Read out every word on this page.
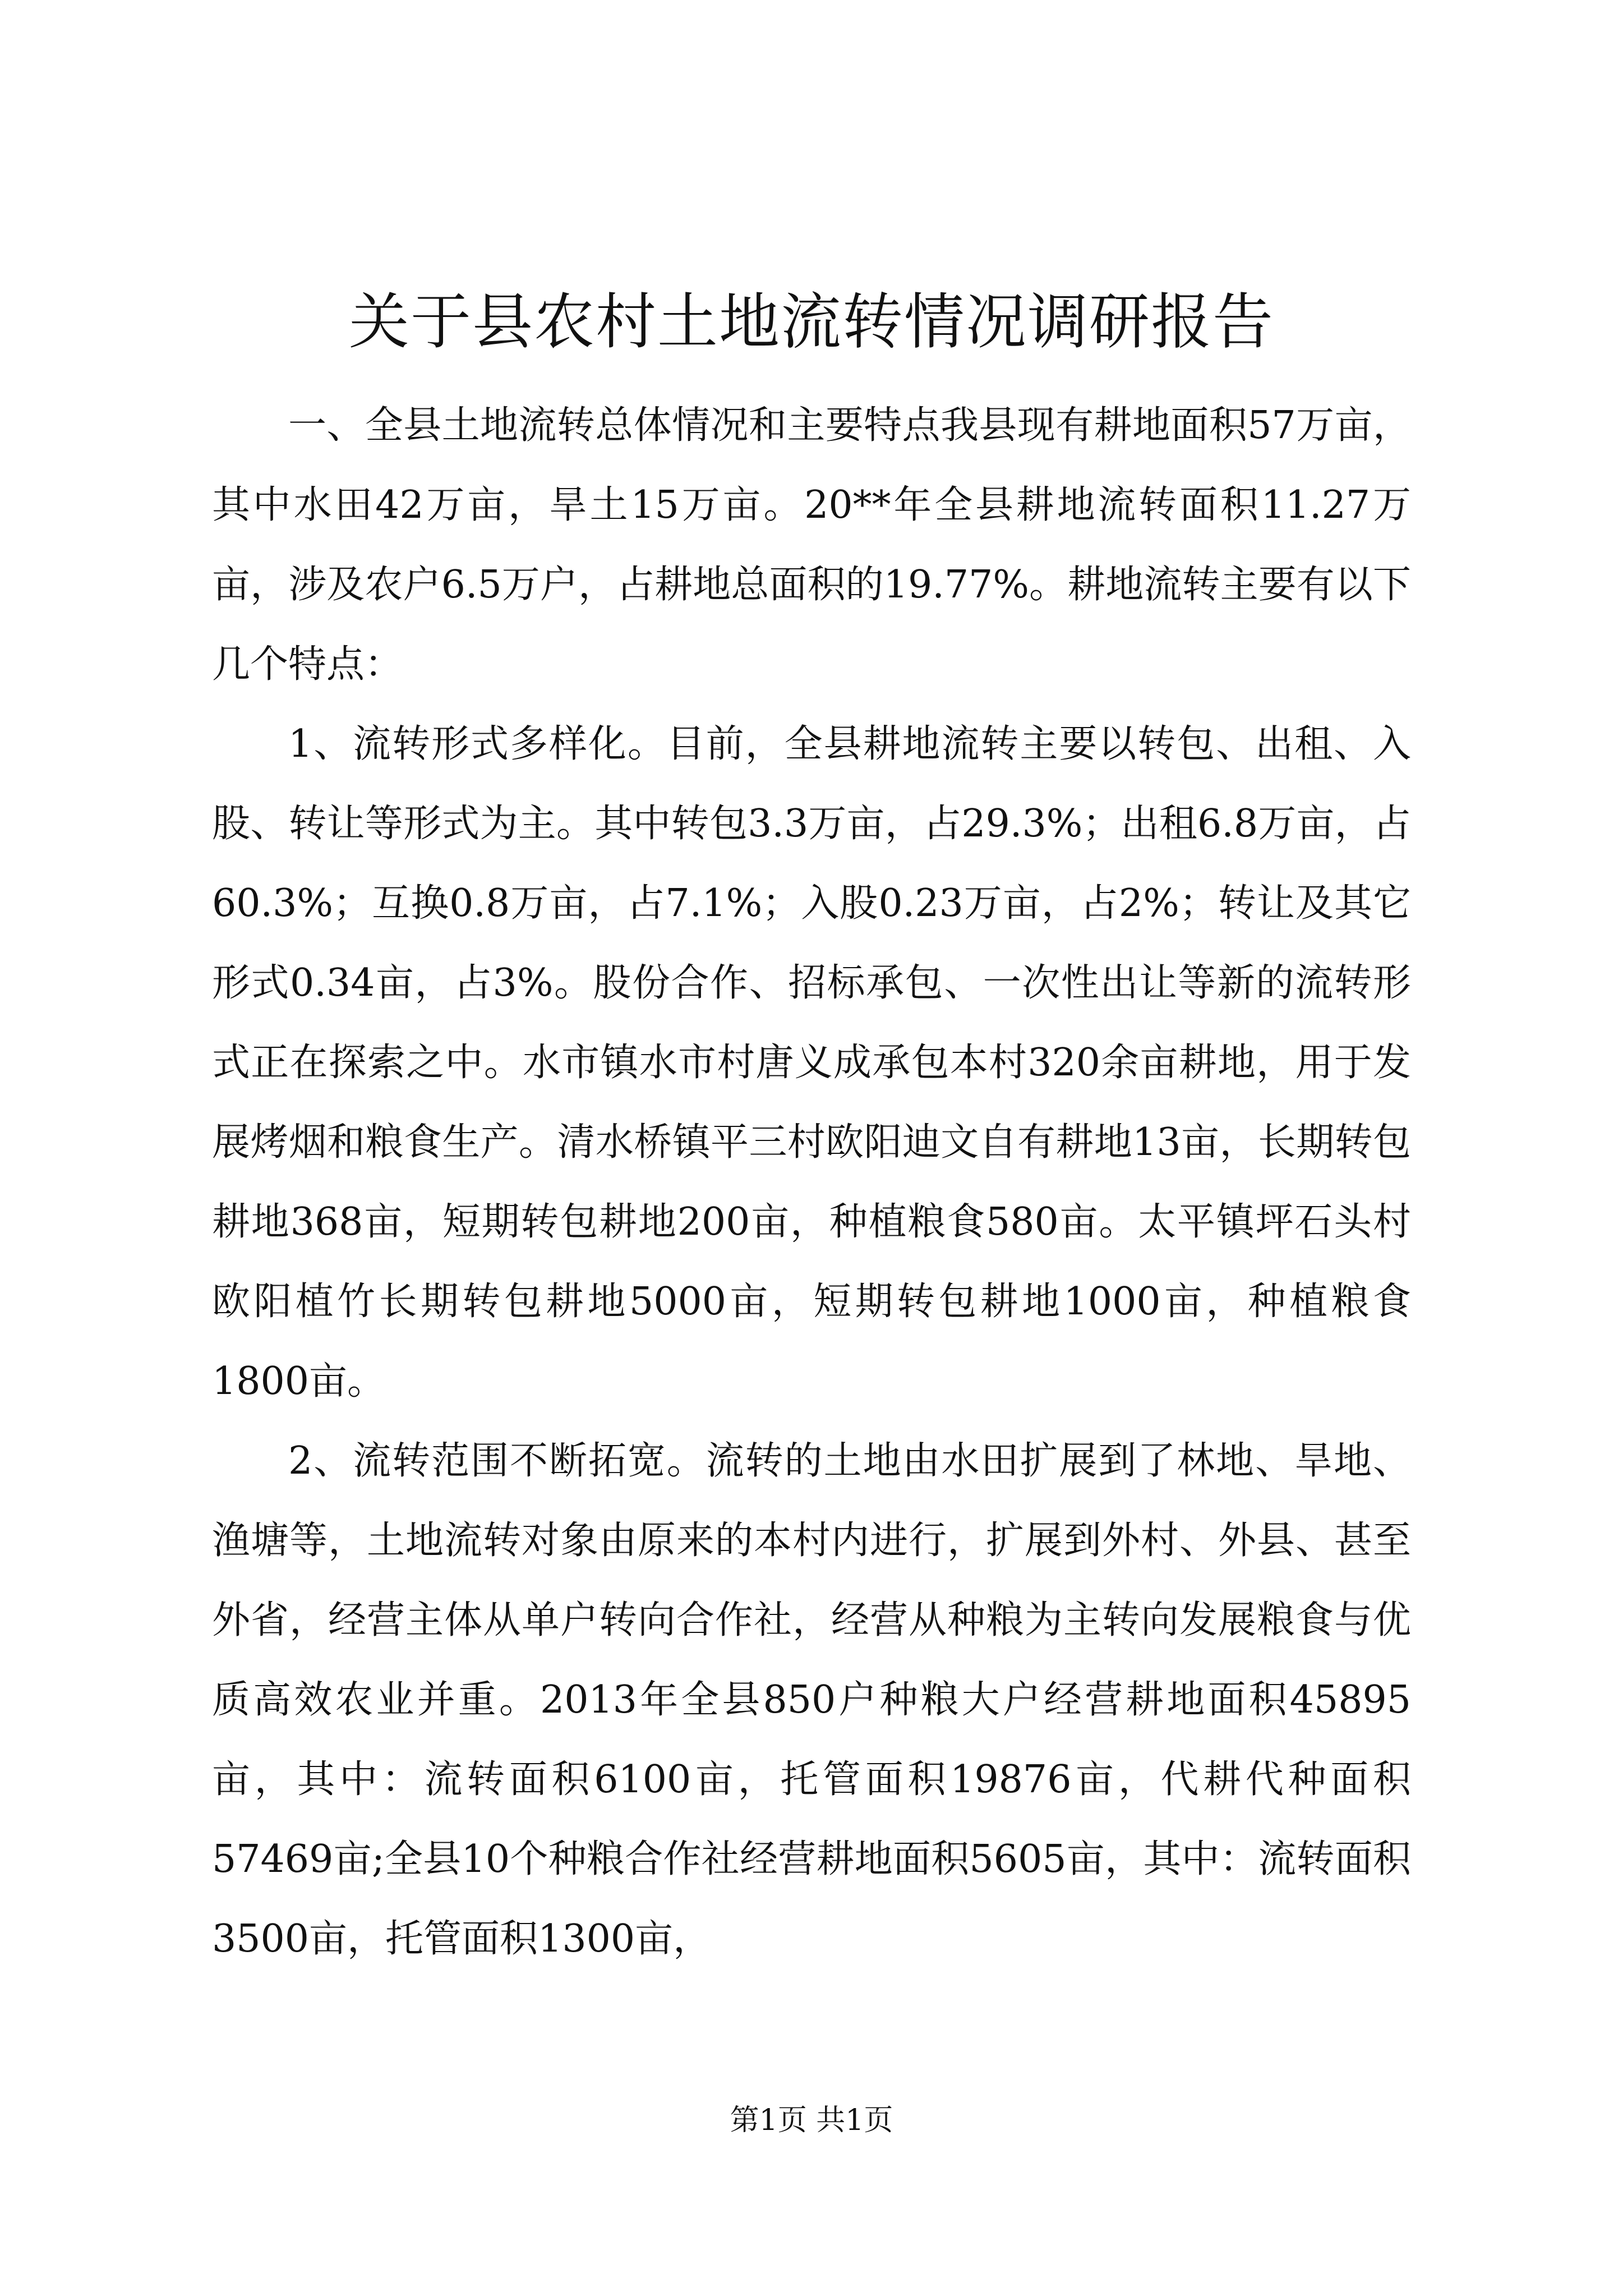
关于县农村土地流转情况调研报告

一、全县土地流转总体情况和主要特点我县现有耕地面积57万亩，其中水田42万亩，旱土15万亩。20**年全县耕地流转面积11.27万亩，涉及农户6.5万户，占耕地总面积的19.77%。耕地流转主要有以下几个特点：

1、流转形式多样化。目前，全县耕地流转主要以转包、出租、入股、转让等形式为主。其中转包3.3万亩，占29.3%；出租6.8万亩，占60.3%；互换0.8万亩，占7.1%；入股0.23万亩，占2%；转让及其它形式0.34亩，占3%。股份合作、招标承包、一次性出让等新的流转形式正在探索之中。水市镇水市村唐义成承包本村320余亩耕地，用于发展烤烟和粮食生产。清水桥镇平三村欧阳迪文自有耕地13亩，长期转包耕地368亩，短期转包耕地200亩，种植粮食580亩。太平镇坪石头村欧阳植竹长期转包耕地5000亩，短期转包耕地1000亩，种植粮食1800亩。

2、流转范围不断拓宽。流转的土地由水田扩展到了林地、旱地、渔塘等，土地流转对象由原来的本村内进行，扩展到外村、外县、甚至外省，经营主体从单户转向合作社，经营从种粮为主转向发展粮食与优质高效农业并重。2013年全县850户种粮大户经营耕地面积45895亩，其中：流转面积6100亩，托管面积19876亩，代耕代种面积57469亩;全县10个种粮合作社经营耕地面积5605亩，其中：流转面积3500亩，托管面积1300亩，

第1页 共1页
